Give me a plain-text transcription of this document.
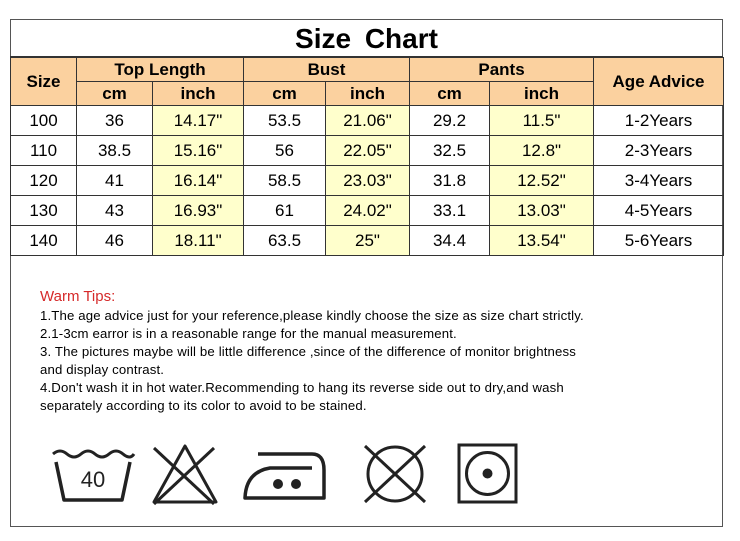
Size Chart
Size	Top Length		Bust		Pants		Age Advice
	cm	inch	cm	inch	cm	inch	
100	36	14.17"	53.5	21.06"	29.2	11.5"	1-2Years
110	38.5	15.16"	56	22.05"	32.5	12.8"	2-3Years
120	41	16.14"	58.5	23.03"	31.8	12.52"	3-4Years
130	43	16.93"	61	24.02"	33.1	13.03"	4-5Years
140	46	18.11"	63.5	25"	34.4	13.54"	5-6Years
Warm Tips:

1.The age advice just for your reference,please kindly choose the size as size chart strictly.

2.1-3cm earror is in a reasonable range for the manual measurement.

3. The pictures maybe will be little difference ,since of the difference of monitor brightness

and display contrast.

4.Don't wash it in hot water.Recommending to hang its reverse side out to dry,and wash

separately according to its color to avoid to be stained.

40
